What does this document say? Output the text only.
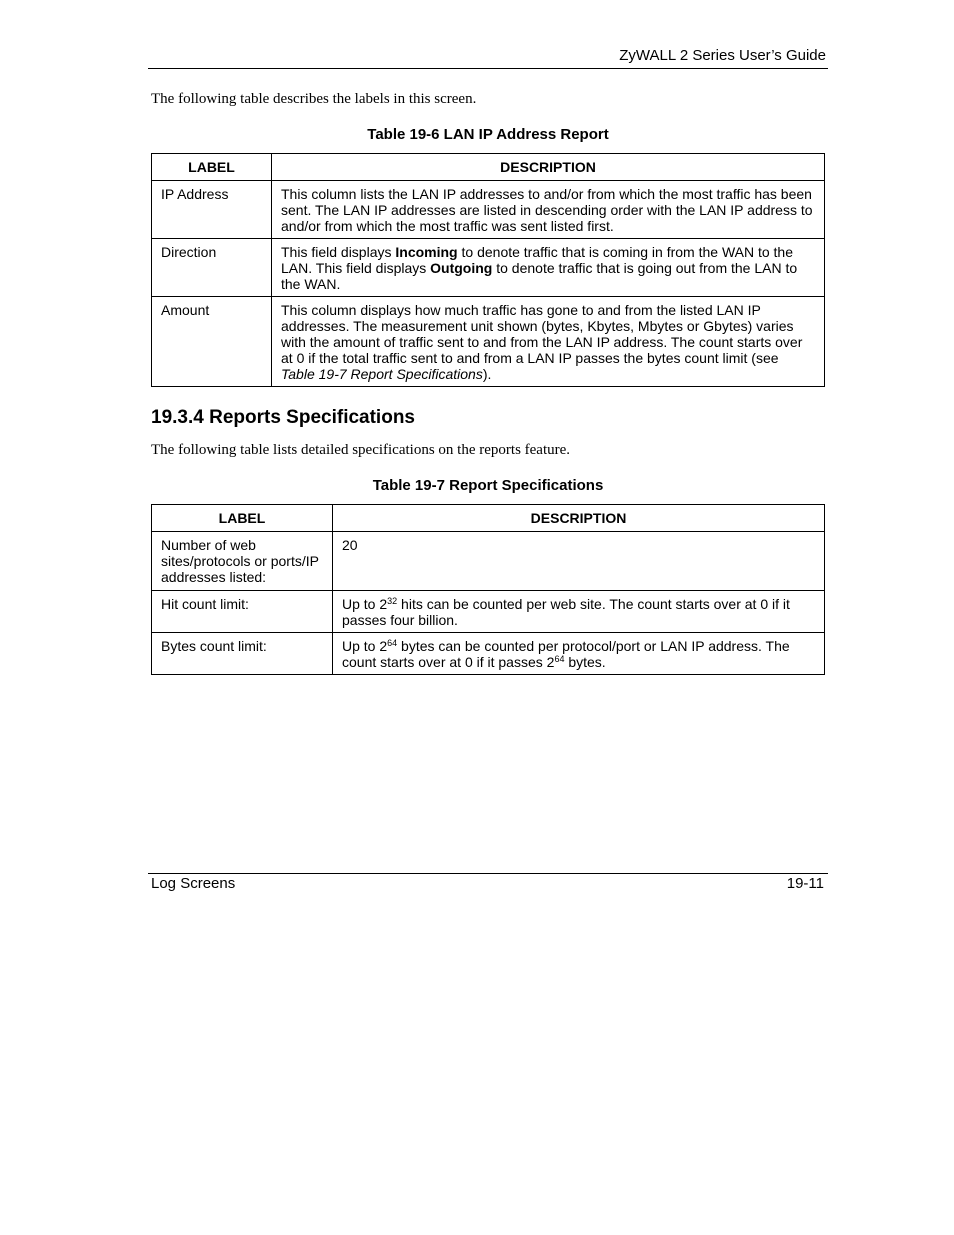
ZyWALL 2 Series User’s Guide
The following table describes the labels in this screen.
Table 19-6 LAN IP Address Report
LABEL	DESCRIPTION
IP Address	This column lists the LAN IP addresses to and/or from which the most traffic has been sent. The LAN IP addresses are listed in descending order with the LAN IP address to and/or from which the most traffic was sent listed first.
Direction	This field displays Incoming to denote traffic that is coming in from the WAN to the LAN. This field displays Outgoing to denote traffic that is going out from the LAN to the WAN.
Amount	This column displays how much traffic has gone to and from the listed LAN IP addresses. The measurement unit shown (bytes, Kbytes, Mbytes or Gbytes) varies with the amount of traffic sent to and from the LAN IP address. The count starts over at 0 if the total traffic sent to and from a LAN IP passes the bytes count limit (see Table 19-7 Report Specifications).
19.3.4 Reports Specifications
The following table lists detailed specifications on the reports feature.
Table 19-7 Report Specifications
LABEL	DESCRIPTION
Number of web sites/protocols or ports/IP addresses listed:	20
Hit count limit:	Up to $2^{32}$ hits can be counted per web site. The count starts over at 0 if it passes four billion.
Bytes count limit:	Up to $2^{64}$ bytes can be counted per protocol/port or LAN IP address. The count starts over at 0 if it passes $2^{64}$ bytes.
Log Screens	19-11
